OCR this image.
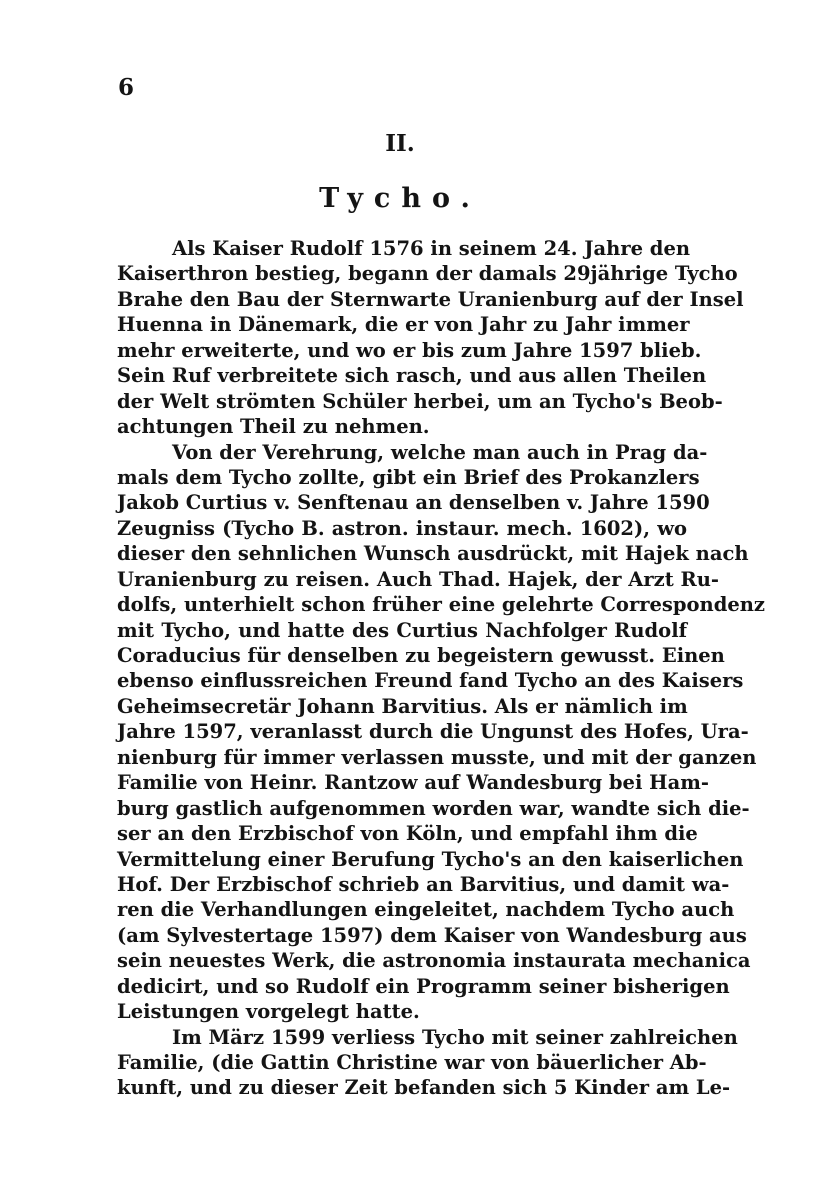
6
II.
Tycho.
Als Kaiser Rudolf 1576 in seinem 24. Jahre den
Kaiserthron bestieg, begann der damals 29jährige Tycho
Brahe den Bau der Sternwarte Uranienburg auf der Insel
Huenna in Dänemark, die er von Jahr zu Jahr immer
mehr erweiterte, und wo er bis zum Jahre 1597 blieb.
Sein Ruf verbreitete sich rasch, und aus allen Theilen
der Welt strömten Schüler herbei, um an Tycho's Beob-
achtungen Theil zu nehmen.
Von der Verehrung, welche man auch in Prag da-
mals dem Tycho zollte, gibt ein Brief des Prokanzlers
Jakob Curtius v. Senftenau an denselben v. Jahre 1590
Zeugniss (Tycho B. astron. instaur. mech. 1602), wo
dieser den sehnlichen Wunsch ausdrückt, mit Hajek nach
Uranienburg zu reisen. Auch Thad. Hajek, der Arzt Ru-
dolfs, unterhielt schon früher eine gelehrte Correspondenz
mit Tycho, und hatte des Curtius Nachfolger Rudolf
Coraducius für denselben zu begeistern gewusst. Einen
ebenso einflussreichen Freund fand Tycho an des Kaisers
Geheimsecretär Johann Barvitius. Als er nämlich im
Jahre 1597, veranlasst durch die Ungunst des Hofes, Ura-
nienburg für immer verlassen musste, und mit der ganzen
Familie von Heinr. Rantzow auf Wandesburg bei Ham-
burg gastlich aufgenommen worden war, wandte sich die-
ser an den Erzbischof von Köln, und empfahl ihm die
Vermittelung einer Berufung Tycho's an den kaiserlichen
Hof. Der Erzbischof schrieb an Barvitius, und damit wa-
ren die Verhandlungen eingeleitet, nachdem Tycho auch
(am Sylvestertage 1597) dem Kaiser von Wandesburg aus
sein neuestes Werk, die astronomia instaurata mechanica
dedicirt, und so Rudolf ein Programm seiner bisherigen
Leistungen vorgelegt hatte.
Im März 1599 verliess Tycho mit seiner zahlreichen
Familie, (die Gattin Christine war von bäuerlicher Ab-
kunft, und zu dieser Zeit befanden sich 5 Kinder am Le-
